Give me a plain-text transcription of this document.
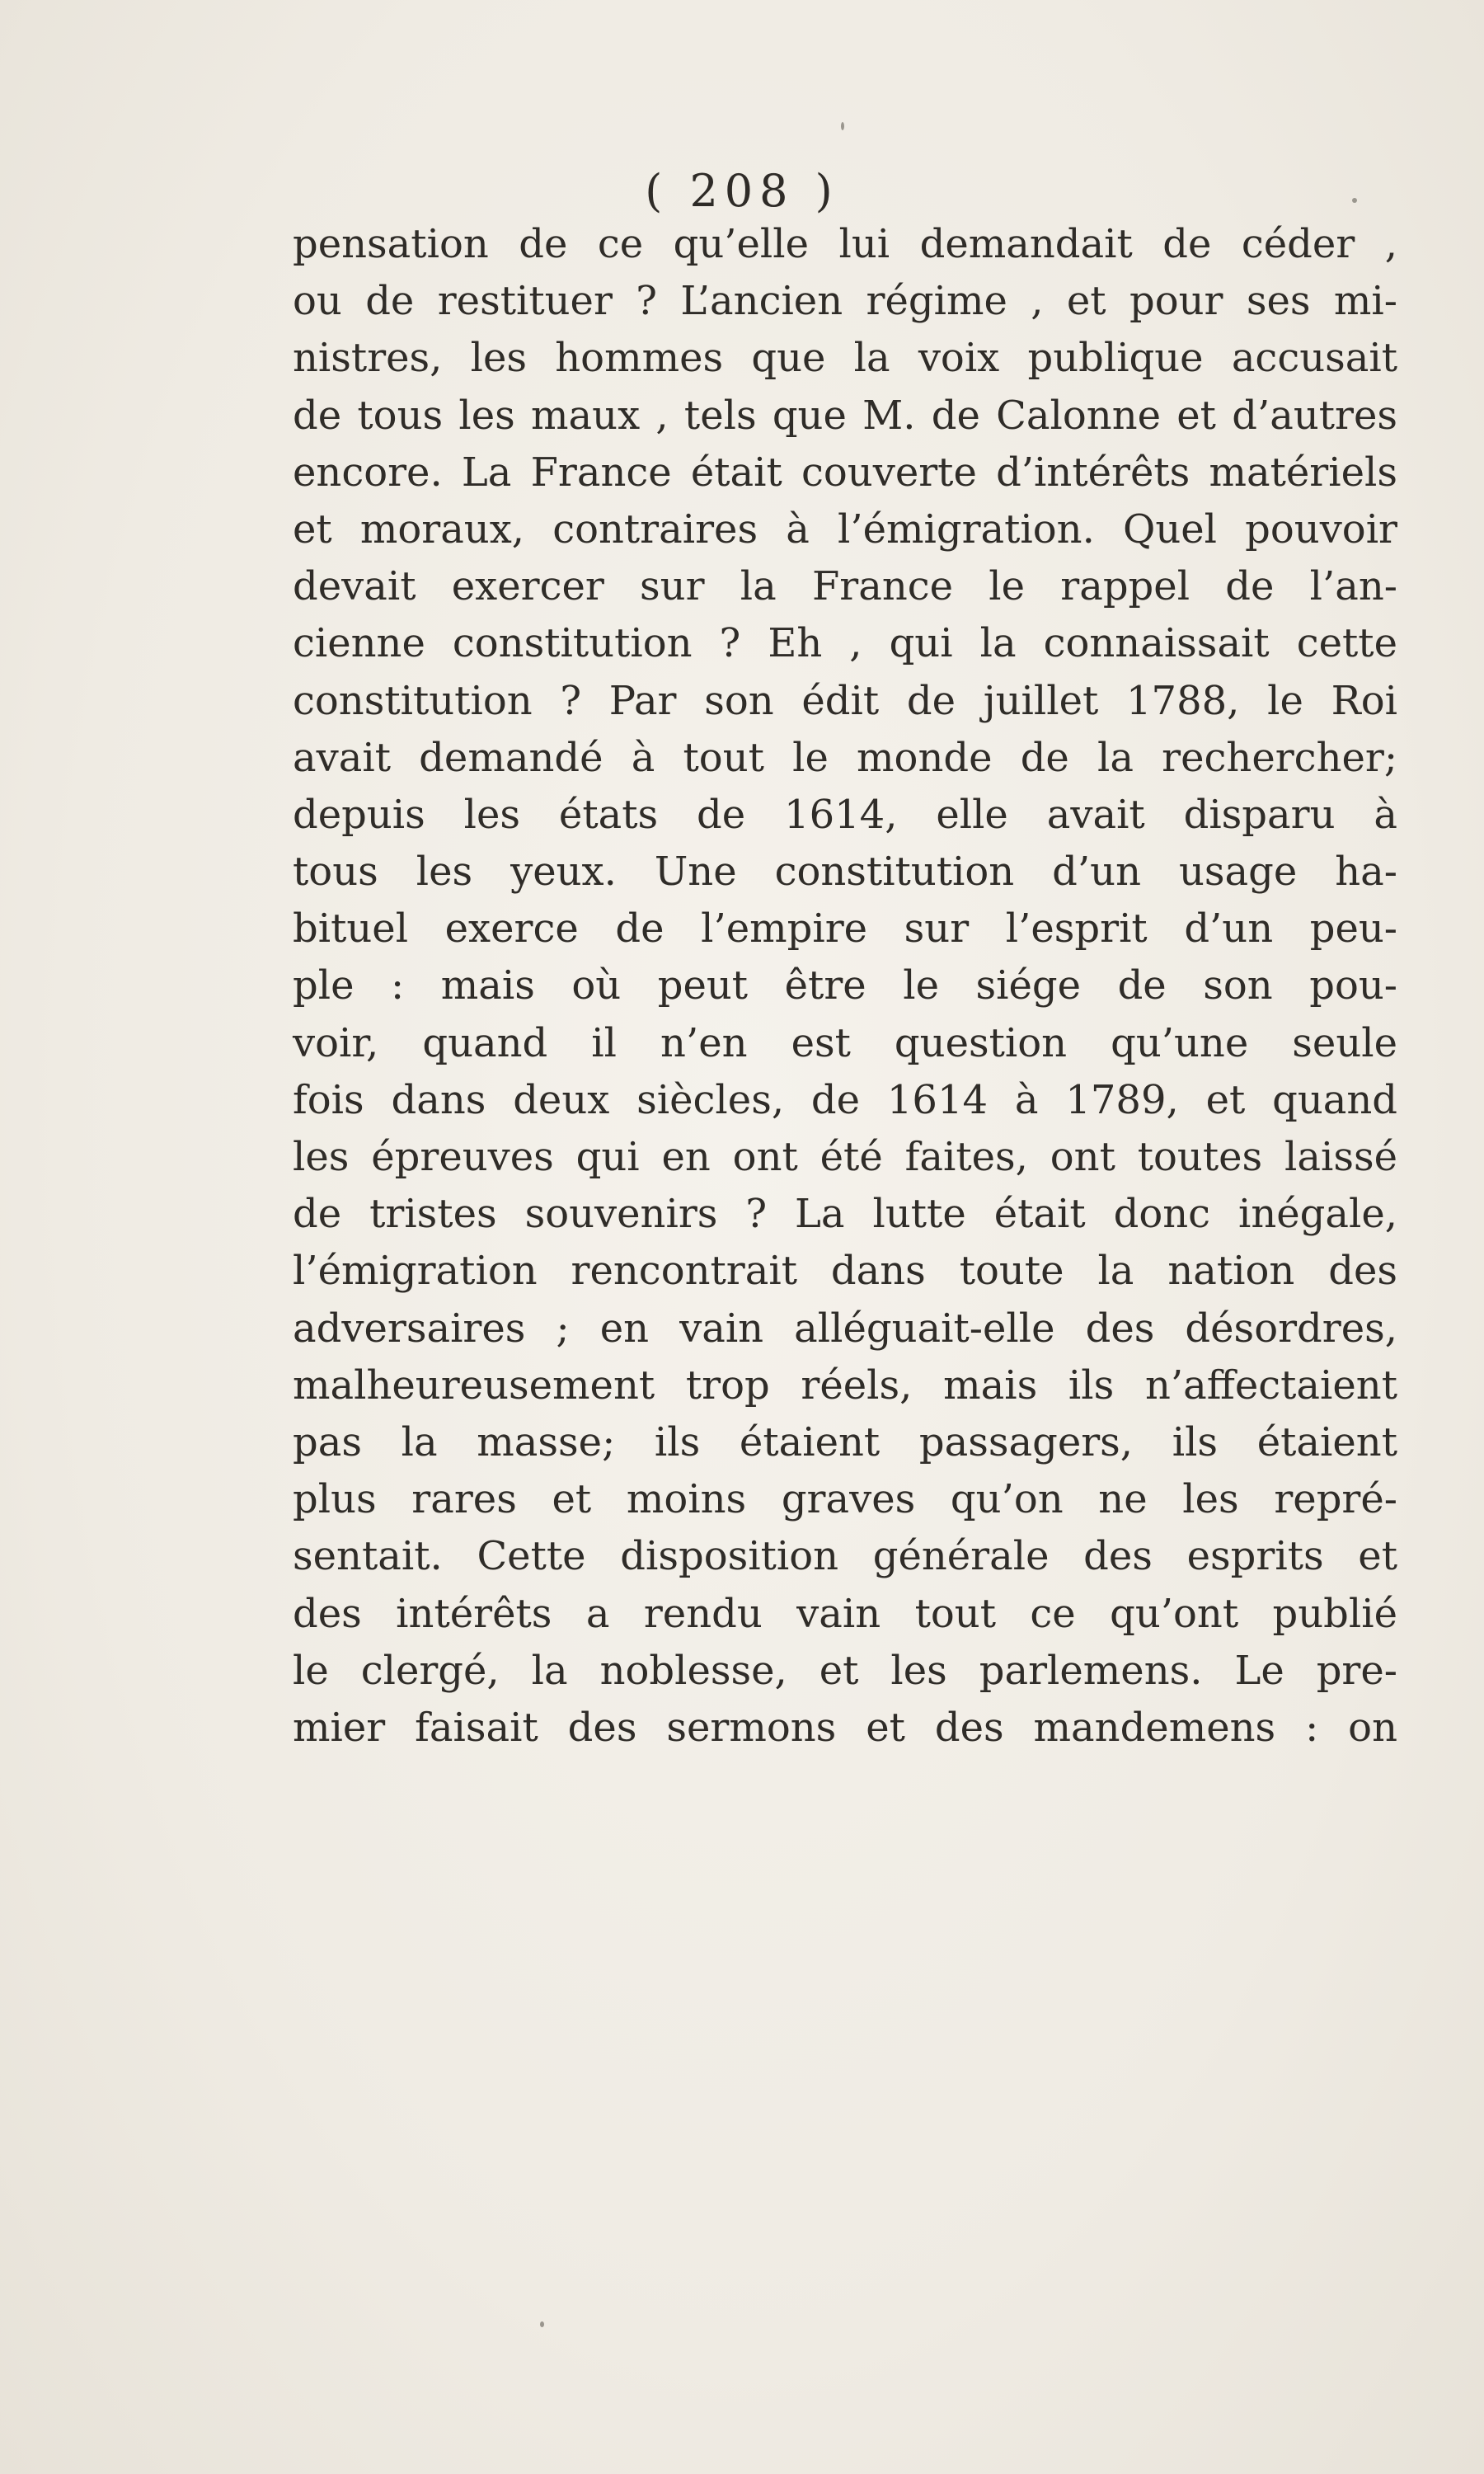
( 208 )
pensation de ce qu’elle lui demandait de céder ,
ou de restituer ? L’ancien régime , et pour ses mi-
nistres, les hommes que la voix publique accusait
de tous les maux , tels que M. de Calonne et d’autres
encore. La France était couverte d’intérêts matériels
et moraux, contraires à l’émigration. Quel pouvoir
devait exercer sur la France le rappel de l’an-
cienne constitution ? Eh , qui la connaissait cette
constitution ? Par son édit de juillet 1788, le Roi
avait demandé à tout le monde de la rechercher;
depuis les états de 1614, elle avait disparu à
tous les yeux. Une constitution d’un usage ha-
bituel exerce de l’empire sur l’esprit d’un peu-
ple : mais où peut être le siége de son pou-
voir, quand il n’en est question qu’une seule
fois dans deux siècles, de 1614 à 1789, et quand
les épreuves qui en ont été faites, ont toutes laissé
de tristes souvenirs ? La lutte était donc inégale,
l’émigration rencontrait dans toute la nation des
adversaires ; en vain alléguait-elle des désordres,
malheureusement trop réels, mais ils n’affectaient
pas la masse; ils étaient passagers, ils étaient
plus rares et moins graves qu’on ne les repré-
sentait. Cette disposition générale des esprits et
des intérêts a rendu vain tout ce qu’ont publié
le clergé, la noblesse, et les parlemens. Le pre-
mier faisait des sermons et des mandemens : on
